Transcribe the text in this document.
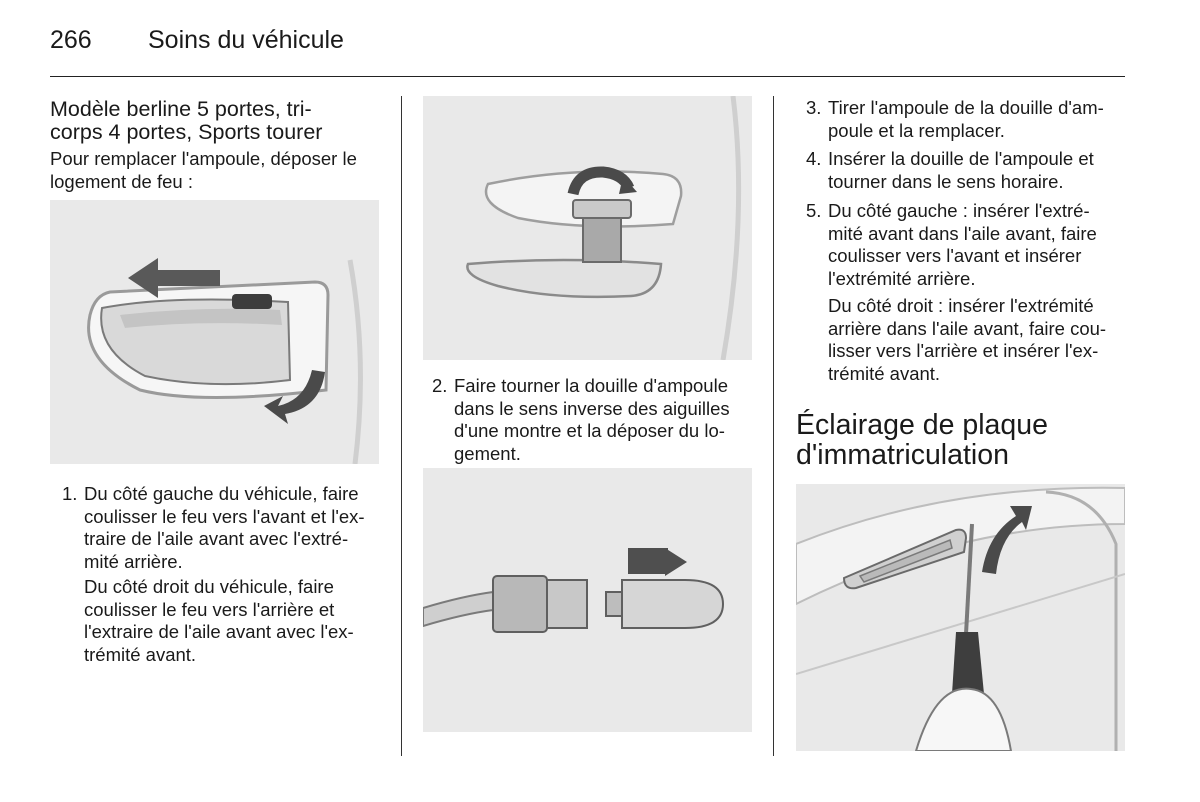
266 Soins du véhicule
Modèle berline 5 portes, tri-
corps 4 portes, Sports tourer
Pour remplacer l'ampoule, déposer le
logement de feu :
1. Du côté gauche du véhicule, faire
coulisser le feu vers l'avant et l'ex-
traire de l'aile avant avec l'extré-
mité arrière.
Du côté droit du véhicule, faire
coulisser le feu vers l'arrière et
l'extraire de l'aile avant avec l'ex-
trémité avant.
2. Faire tourner la douille d'ampoule
dans le sens inverse des aiguilles
d'une montre et la déposer du lo-
gement.
3. Tirer l'ampoule de la douille d'am-
poule et la remplacer.
4. Insérer la douille de l'ampoule et
tourner dans le sens horaire.
5. Du côté gauche : insérer l'extré-
mité avant dans l'aile avant, faire
coulisser vers l'avant et insérer
l'extrémité arrière.
Du côté droit : insérer l'extrémité
arrière dans l'aile avant, faire cou-
lisser vers l'arrière et insérer l'ex-
trémité avant.
Éclairage de plaque
d'immatriculation
